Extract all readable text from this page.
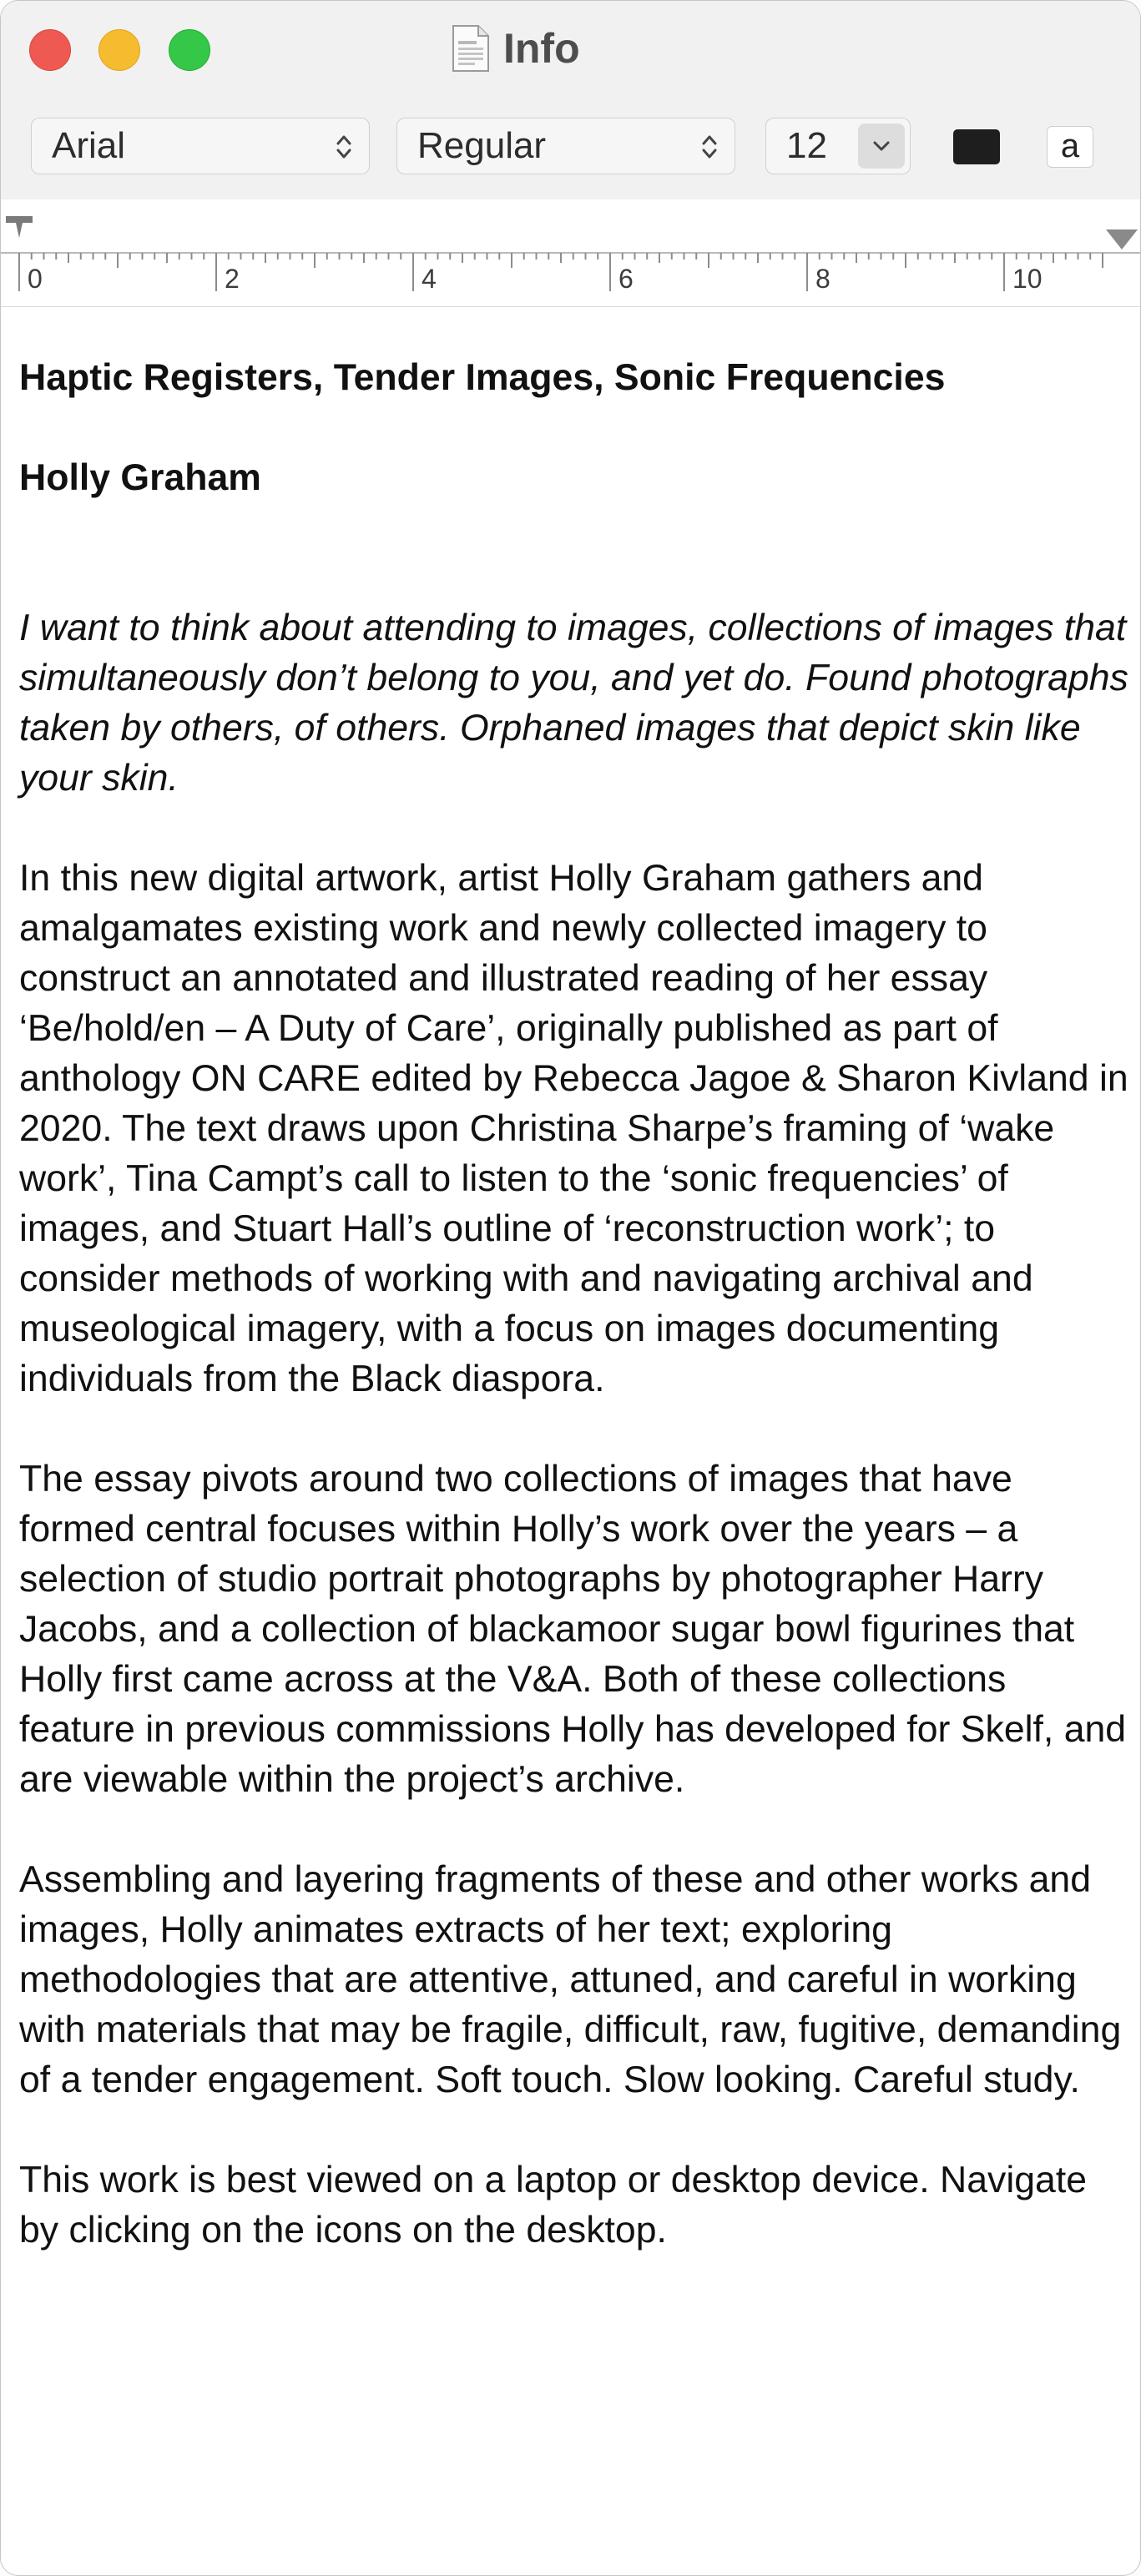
Info
Arial	Regular	12	a
0	2	4	6	8	10
Haptic Registers, Tender Images, Sonic Frequencies
Holly Graham
I want to think about attending to images, collections of images that simultaneously don’t belong to you, and yet do. Found photographs taken by others, of others. Orphaned images that depict skin like your skin.

In this new digital artwork, artist Holly Graham gathers and amalgamates existing work and newly collected imagery to construct an annotated and illustrated reading of her essay ‘Be/hold/en – A Duty of Care’, originally published as part of anthology ON CARE edited by Rebecca Jagoe & Sharon Kivland in 2020. The text draws upon Christina Sharpe’s framing of ‘wake work’, Tina Campt’s call to listen to the ‘sonic frequencies’ of images, and Stuart Hall’s outline of ‘reconstruction work’; to consider methods of working with and navigating archival and museological imagery, with a focus on images documenting individuals from the Black diaspora.

The essay pivots around two collections of images that have formed central focuses within Holly’s work over the years – a selection of studio portrait photographs by photographer Harry Jacobs, and a collection of blackamoor sugar bowl figurines that Holly first came across at the V&A. Both of these collections feature in previous commissions Holly has developed for Skelf, and are viewable within the project’s archive.

Assembling and layering fragments of these and other works and images, Holly animates extracts of her text; exploring methodologies that are attentive, attuned, and careful in working with materials that may be fragile, difficult, raw, fugitive, demanding of a tender engagement. Soft touch. Slow looking. Careful study.

This work is best viewed on a laptop or desktop device. Navigate by clicking on the icons on the desktop.
